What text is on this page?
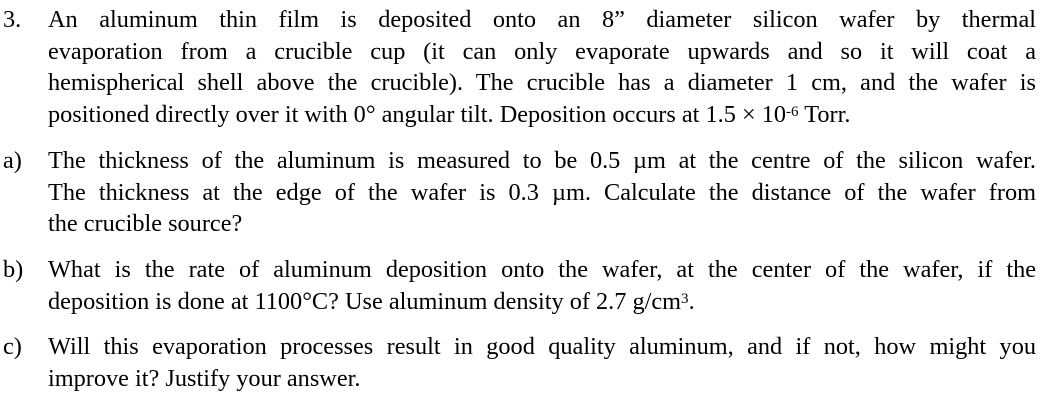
3. An aluminum thin film is deposited onto an 8” diameter silicon wafer by thermal
evaporation from a crucible cup (it can only evaporate upwards and so it will coat a
hemispherical shell above the crucible). The crucible has a diameter 1 cm, and the wafer is
positioned directly over it with 0° angular tilt. Deposition occurs at $1.5 \times 10^{-6}$ Torr.
a) The thickness of the aluminum is measured to be 0.5 µm at the centre of the silicon wafer.
The thickness at the edge of the wafer is 0.3 µm. Calculate the distance of the wafer from
the crucible source?
b) What is the rate of aluminum deposition onto the wafer, at the center of the wafer, if the
deposition is done at 1100°C? Use aluminum density of 2.7 $g/cm^3$.
c) Will this evaporation processes result in good quality aluminum, and if not, how might you
improve it? Justify your answer.
